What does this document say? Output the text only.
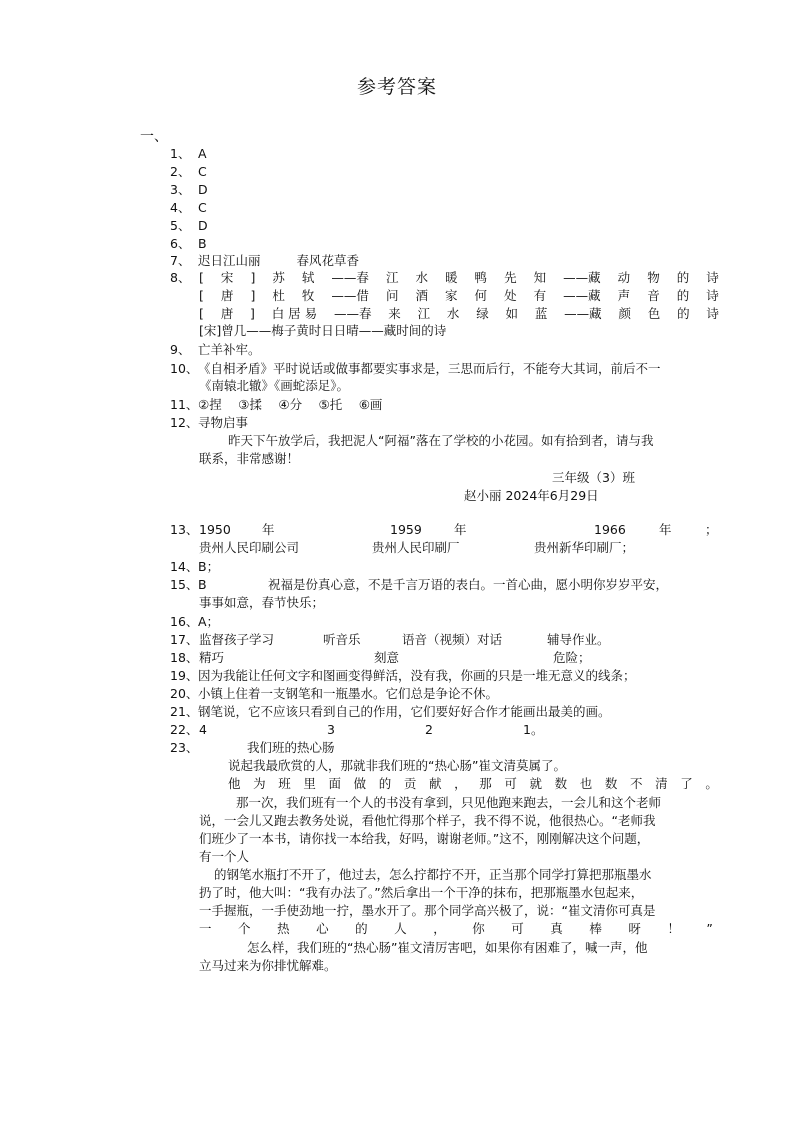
参考答案
一、
1、 A
2、 C
3、 D
4、 C
5、 D
6、 B
7、 迟日江山丽	春风花草香
8、 [ 宋 ] 苏 轼 ——春 江 水 暖 鸭 先 知 ——藏 动 物 的 诗
[ 唐 ] 杜 牧 ——借 问 酒 家 何 处 有 ——藏 声 音 的 诗
[ 唐 ] 白 居 易 ——春 来 江 水 绿 如 蓝 ——藏 颜 色 的 诗
[宋]曾几——梅子黄时日日晴——藏时间的诗
9、 亡羊补牢。
10、《自相矛盾》平时说话或做事都要实事求是，三思而后行，不能夸大其词，前后不一
《南辕北辙》《画蛇添足》。
11、②捏　 ③揉　 ④分　 ⑤托　 ⑥画
12、寻物启事
昨天下午放学后，我把泥人“阿福”落在了学校的小花园。如有拾到者，请与我
联系，非常感谢！
三年级（3）班
赵小丽 2024年6月29日
13、 1950 年	1959	年	1966	年	；
贵州人民印刷公司	贵州人民印刷厂	贵州新华印刷厂；
14、B；
15、B	祝福是份真心意，不是千言万语的表白。一首心曲，愿小明你岁岁平安，
事事如意，春节快乐；
16、A；
17、 监督孩子学习	听音乐	语音（视频）对话	辅导作业。
18、 精巧	刻意	危险；
19、因为我能让任何文字和图画变得鲜活，没有我，你画的只是一堆无意义的线条；
20、小镇上住着一支钢笔和一瓶墨水。它们总是争论不休。
21、钢笔说，它不应该只看到自己的作用，它们要好好合作才能画出最美的画。
22、 4	3	2	1。
23、	我们班的热心肠
说起我最欣赏的人，那就非我们班的“热心肠”崔文清莫属了。
他 为 班 里 面 做 的 贡 献 ， 那 可 就 数 也 数 不 清 了 。
那一次，我们班有一个人的书没有拿到，只见他跑来跑去，一会儿和这个老师
说，一会儿又跑去教务处说，看他忙得那个样子，我不得不说，他很热心。“老师我
们班少了一本书，请你找一本给我，好吗，谢谢老师。”这不，刚刚解决这个问题，
有一个人
的钢笔水瓶打不开了，他过去，怎么拧都拧不开，正当那个同学打算把那瓶墨水
扔了时，他大叫：“我有办法了。”然后拿出一个干净的抹布，把那瓶墨水包起来，
一手握瓶，一手使劲地一拧，墨水开了。那个同学高兴极了，说：“崔文清你可真是
一 个 热 心 的 人 ， 你 可 真 棒 呀 ！ ”
怎么样，我们班的“热心肠”崔文清厉害吧，如果你有困难了，喊一声，他
立马过来为你排忧解难。
